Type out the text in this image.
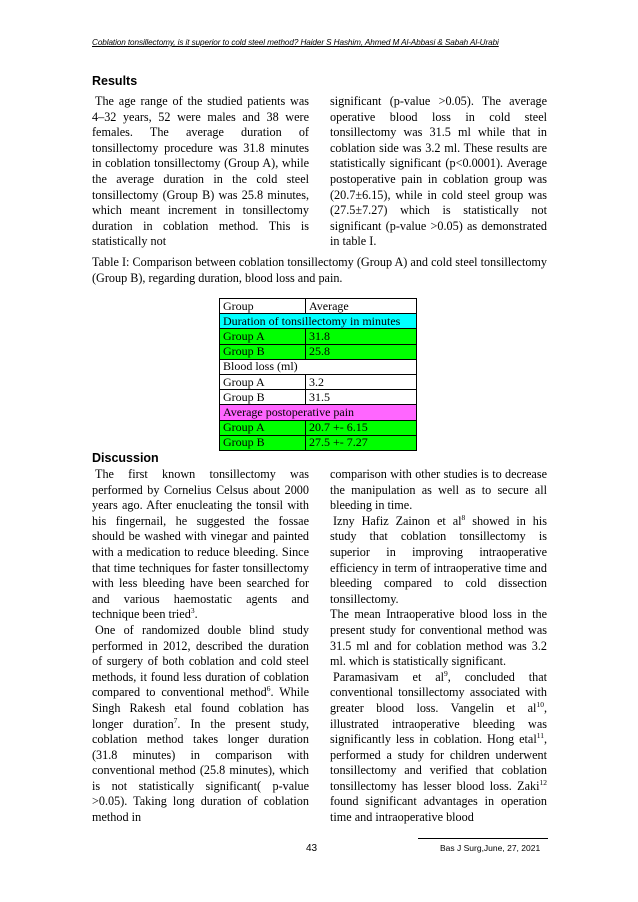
Coblation tonsillectomy, is it superior to cold steel method? Haider S Hashim, Ahmed M Al-Abbasi & Sabah Al-Urabi
Results

The age range of the studied patients was 4–32 years, 52 were males and 38 were females. The average duration of tonsillectomy procedure was 31.8 minutes in coblation tonsillectomy (Group A), while the average duration in the cold steel tonsillectomy (Group B) was 25.8 minutes, which meant increment in tonsillectomy duration in coblation method. This is statistically not

significant (p-value >0.05). The average operative blood loss in cold steel tonsillectomy was 31.5 ml while that in coblation side was 3.2 ml. These results are statistically significant (p<0.0001). Average postoperative pain in coblation group was (20.7±6.15), while in cold steel group was (27.5±7.27) which is statistically not significant (p-value >0.05) as demonstrated in table I.

Table I: Comparison between coblation tonsillectomy (Group A) and cold steel tonsillectomy (Group B), regarding duration, blood loss and pain.
Group	Average
Duration of tonsillectomy in minutes	
Group A	31.8
Group B	25.8
Blood loss (ml)	
Group A	3.2
Group B	31.5
Average postoperative pain	
Group A	20.7 +- 6.15
Group B	27.5 +- 7.27
Discussion

The first known tonsillectomy was performed by Cornelius Celsus about 2000 years ago. After enucleating the tonsil with his fingernail, he suggested the fossae should be washed with vinegar and painted with a medication to reduce bleeding. Since that time techniques for faster tonsillectomy with less bleeding have been searched for and various haemostatic agents and technique been tried$^3$.

One of randomized double blind study performed in 2012, described the duration of surgery of both coblation and cold steel methods, it found less duration of coblation compared to conventional method$^6$. While Singh Rakesh etal found coblation has longer duration$^7$. In the present study, coblation method takes longer duration (31.8 minutes) in comparison with conventional method (25.8 minutes), which is not statistically significant( p-value >0.05). Taking long duration of coblation method in

comparison with other studies is to decrease the manipulation as well as to secure all bleeding in time.

Izny Hafiz Zainon et $al^8$ showed in his study that coblation tonsillectomy is superior in improving intraoperative efficiency in term of intraoperative time and bleeding compared to cold dissection tonsillectomy.

The mean Intraoperative blood loss in the present study for conventional method was 31.5 ml and for coblation method was 3.2 ml. which is statistically significant.

Paramasivam et $al^9$, concluded that conventional tonsillectomy associated with greater blood loss. Vangelin et $al^{10}$, illustrated intraoperative bleeding was significantly less in coblation. Hong etal$^{11}$, performed a study for children underwent tonsillectomy and verified that coblation tonsillectomy has lesser blood loss. Zaki$^{12}$ found significant advantages in operation time and intraoperative blood

43	Bas J Surg,June, 27, 2021
